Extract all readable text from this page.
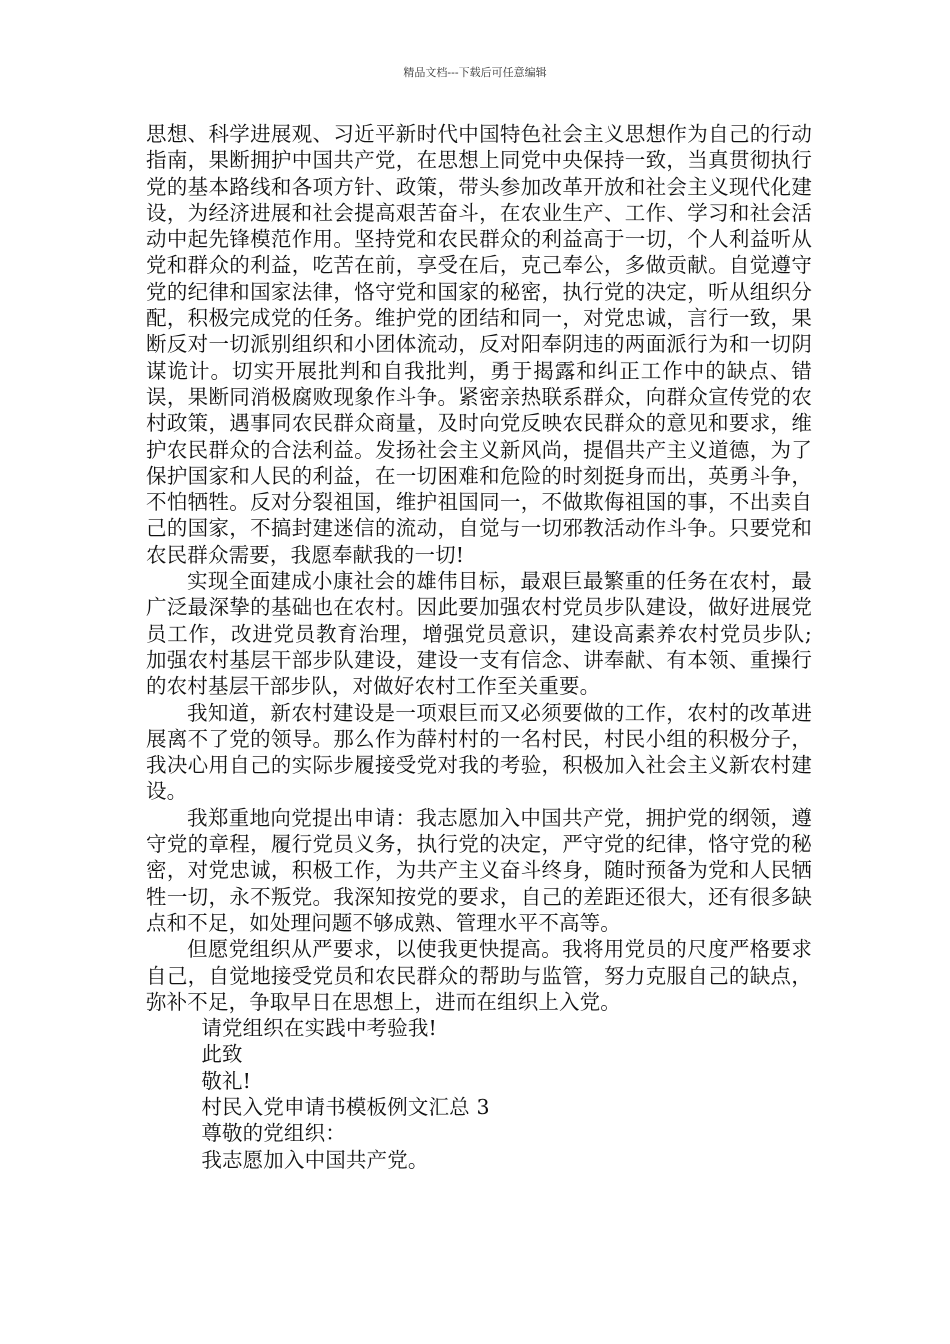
精品文档---下载后可任意编辑

思想、科学进展观、习近平新时代中国特色社会主义思想作为自己的行动指南，果断拥护中国共产党，在思想上同党中央保持一致，当真贯彻执行党的基本路线和各项方针、政策，带头参加改革开放和社会主义现代化建设，为经济进展和社会提高艰苦奋斗，在农业生产、工作、学习和社会活动中起先锋模范作用。坚持党和农民群众的利益高于一切，个人利益听从党和群众的利益，吃苦在前，享受在后，克己奉公，多做贡献。自觉遵守党的纪律和国家法律，恪守党和国家的秘密，执行党的决定，听从组织分配，积极完成党的任务。维护党的团结和同一，对党忠诚，言行一致，果断反对一切派别组织和小团体流动，反对阳奉阴违的两面派行为和一切阴谋诡计。切实开展批判和自我批判，勇于揭露和纠正工作中的缺点、错误，果断同消极腐败现象作斗争。紧密亲热联系群众，向群众宣传党的农村政策，遇事同农民群众商量，及时向党反映农民群众的意见和要求，维护农民群众的合法利益。发扬社会主义新风尚，提倡共产主义道德，为了保护国家和人民的利益，在一切困难和危险的时刻挺身而出，英勇斗争，不怕牺牲。反对分裂祖国，维护祖国同一，不做欺侮祖国的事，不出卖自己的国家，不搞封建迷信的流动，自觉与一切邪教活动作斗争。只要党和农民群众需要，我愿奉献我的一切!

实现全面建成小康社会的雄伟目标，最艰巨最繁重的任务在农村，最广泛最深挚的基础也在农村。因此要加强农村党员步队建设，做好进展党员工作，改进党员教育治理，增强党员意识，建设高素养农村党员步队;加强农村基层干部步队建设，建设一支有信念、讲奉献、有本领、重操行的农村基层干部步队，对做好农村工作至关重要。

我知道，新农村建设是一项艰巨而又必须要做的工作，农村的改革进展离不了党的领导。那么作为薛村村的一名村民，村民小组的积极分子，我决心用自己的实际步履接受党对我的考验，积极加入社会主义新农村建设。

我郑重地向党提出申请：我志愿加入中国共产党，拥护党的纲领，遵守党的章程，履行党员义务，执行党的决定，严守党的纪律，恪守党的秘密，对党忠诚，积极工作，为共产主义奋斗终身，随时预备为党和人民牺牲一切，永不叛党。我深知按党的要求，自己的差距还很大，还有很多缺点和不足，如处理问题不够成熟、管理水平不高等。

但愿党组织从严要求，以使我更快提高。我将用党员的尺度严格要求自己，自觉地接受党员和农民群众的帮助与监管，努力克服自己的缺点，弥补不足，争取早日在思想上，进而在组织上入党。

请党组织在实践中考验我!

此致

敬礼!

村民入党申请书模板例文汇总 3

尊敬的党组织：

我志愿加入中国共产党。
